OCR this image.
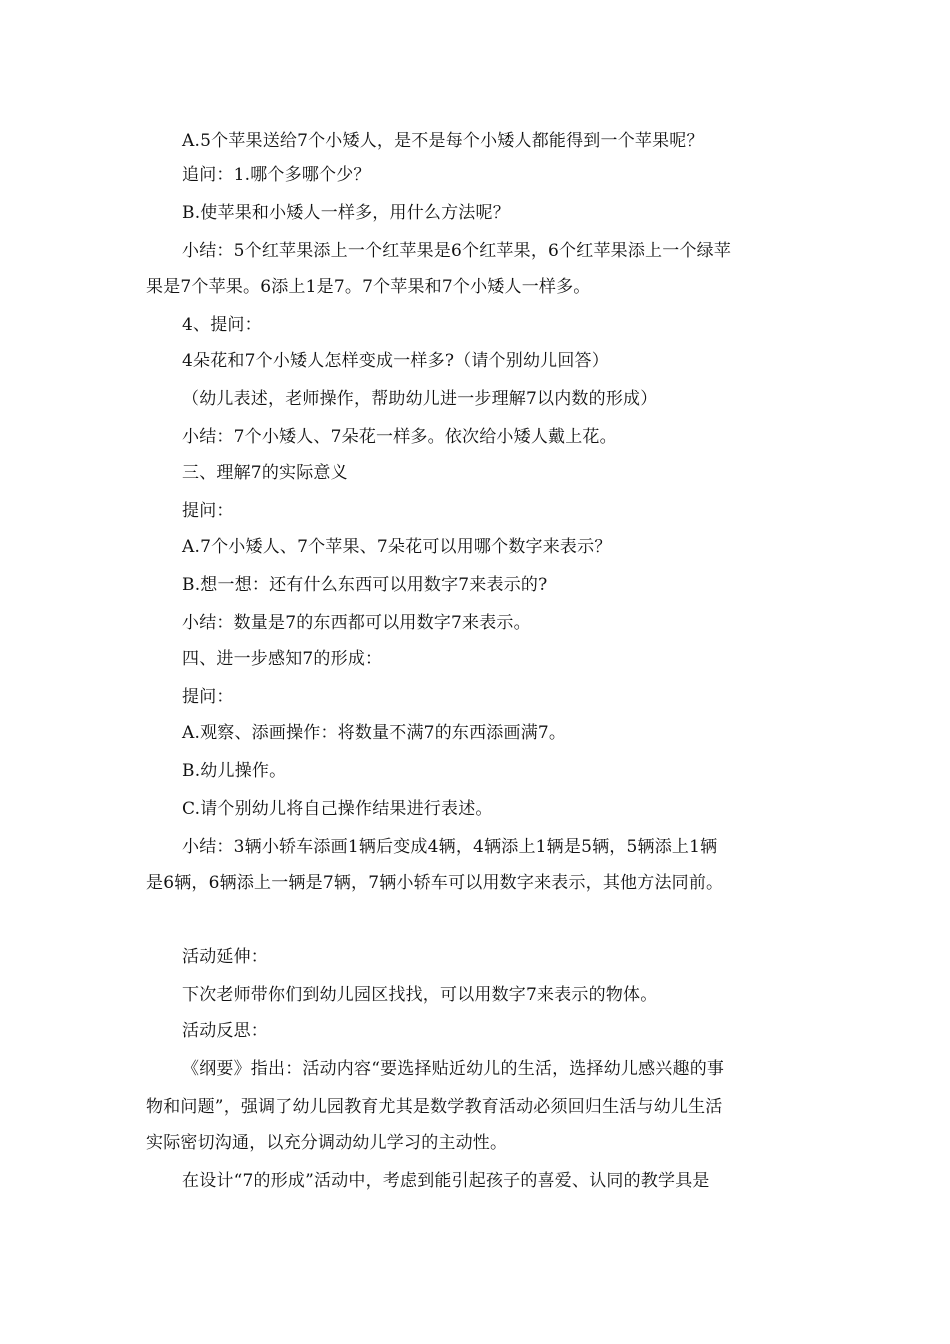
A.5个苹果送给7个小矮人，是不是每个小矮人都能得到一个苹果呢？
追问：1.哪个多哪个少？
B.使苹果和小矮人一样多，用什么方法呢？
小结：5个红苹果添上一个红苹果是6个红苹果，6个红苹果添上一个绿苹
果是7个苹果。6添上1是7。7个苹果和7个小矮人一样多。
4、提问：
4朵花和7个小矮人怎样变成一样多?（请个别幼儿回答）
（幼儿表述，老师操作，帮助幼儿进一步理解7以内数的形成）
小结：7个小矮人、7朵花一样多。依次给小矮人戴上花。
三、理解7的实际意义
提问：
A.7个小矮人、7个苹果、7朵花可以用哪个数字来表示？
B.想一想：还有什么东西可以用数字7来表示的?
小结：数量是7的东西都可以用数字7来表示。
四、进一步感知7的形成：
提问：
A.观察、添画操作：将数量不满7的东西添画满7。
B.幼儿操作。
C.请个别幼儿将自己操作结果进行表述。
小结：3辆小轿车添画1辆后变成4辆，4辆添上1辆是5辆，5辆添上1辆
是6辆，6辆添上一辆是7辆，7辆小轿车可以用数字来表示，其他方法同前。
活动延伸：
下次老师带你们到幼儿园区找找，可以用数字7来表示的物体。
活动反思：
《纲要》指出：活动内容“要选择贴近幼儿的生活，选择幼儿感兴趣的事
物和问题”，强调了幼儿园教育尤其是数学教育活动必须回归生活与幼儿生活
实际密切沟通，以充分调动幼儿学习的主动性。
在设计“7的形成”活动中，考虑到能引起孩子的喜爱、认同的教学具是
